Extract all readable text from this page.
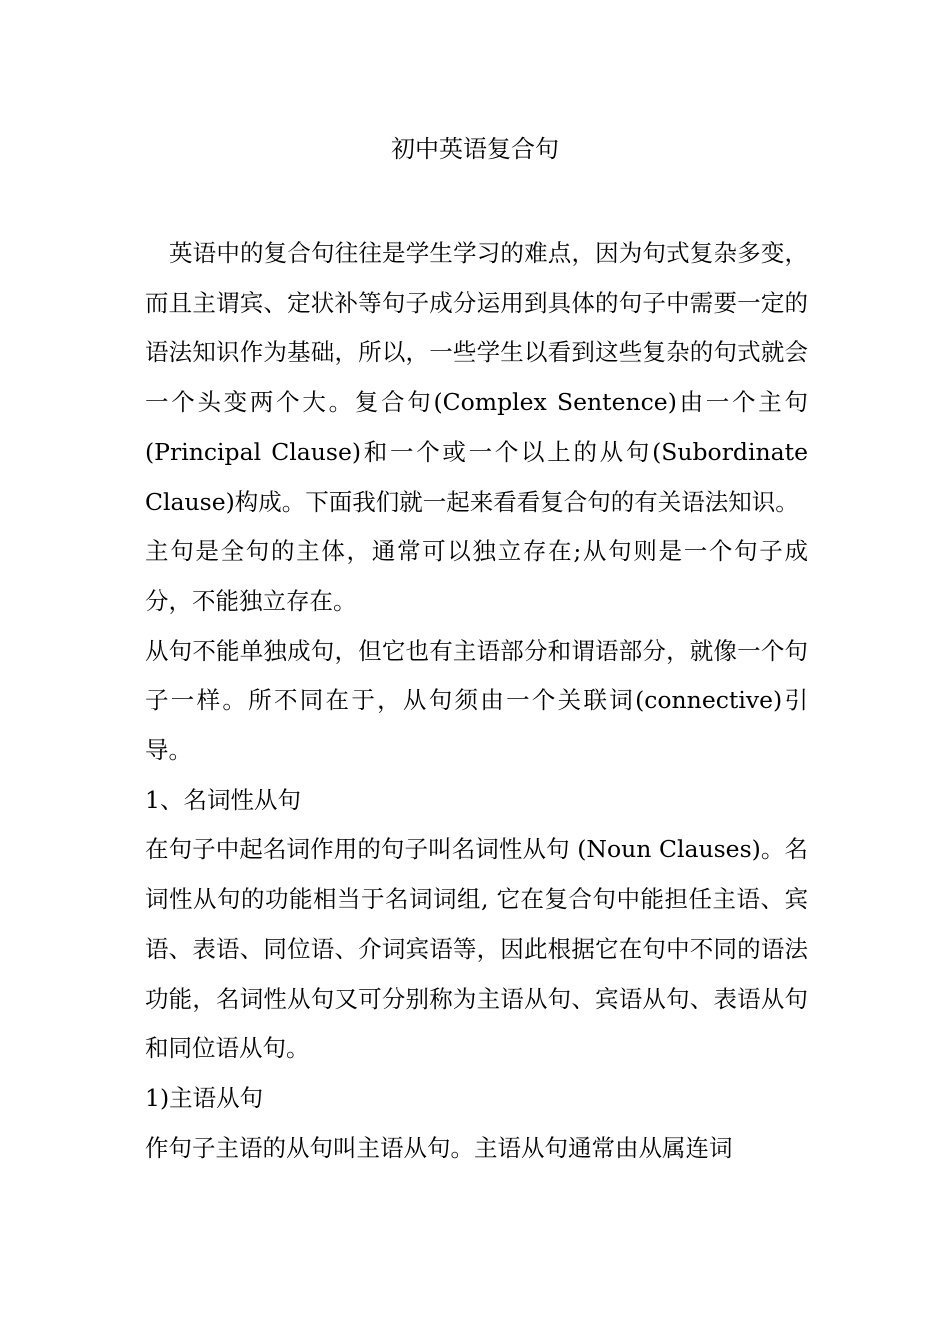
初中英语复合句

英语中的复合句往往是学生学习的难点，因为句式复杂多变，而且主谓宾、定状补等句子成分运用到具体的句子中需要一定的语法知识作为基础，所以，一些学生以看到这些复杂的句式就会一个头变两个大。复合句(Complex Sentence)由一个主句(Principal Clause)和一个或一个以上的从句(Subordinate Clause)构成。下面我们就一起来看看复合句的有关语法知识。

主句是全句的主体，通常可以独立存在;从句则是一个句子成分，不能独立存在。

从句不能单独成句，但它也有主语部分和谓语部分，就像一个句子一样。所不同在于，从句须由一个关联词(connective)引导。

1、名词性从句

在句子中起名词作用的句子叫名词性从句 (Noun Clauses)。名词性从句的功能相当于名词词组, 它在复合句中能担任主语、宾语、表语、同位语、介词宾语等，因此根据它在句中不同的语法功能，名词性从句又可分别称为主语从句、宾语从句、表语从句和同位语从句。

1)主语从句

作句子主语的从句叫主语从句。主语从句通常由从属连词
